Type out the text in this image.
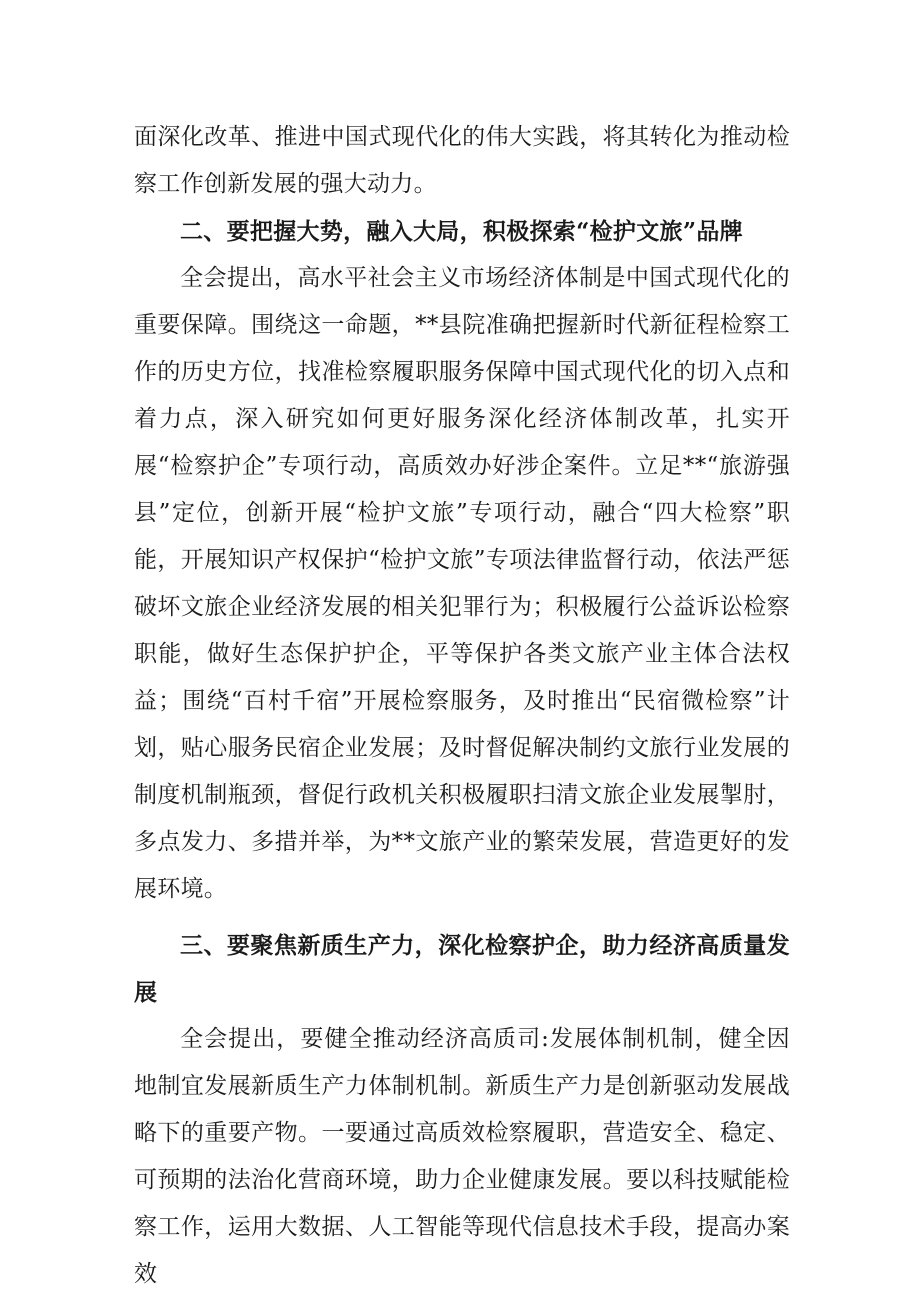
面深化改革、推进中国式现代化的伟大实践，将其转化为推动检察工作创新发展的强大动力。

二、要把握大势，融入大局，积极探索“检护文旅”品牌

全会提出，高水平社会主义市场经济体制是中国式现代化的重要保障。围绕这一命题，**县院准确把握新时代新征程检察工作的历史方位，找准检察履职服务保障中国式现代化的切入点和着力点，深入研究如何更好服务深化经济体制改革，扎实开展“检察护企”专项行动，高质效办好涉企案件。立足**“旅游强县”定位，创新开展“检护文旅”专项行动，融合“四大检察”职能，开展知识产权保护“检护文旅”专项法律监督行动，依法严惩破坏文旅企业经济发展的相关犯罪行为；积极履行公益诉讼检察职能，做好生态保护护企，平等保护各类文旅产业主体合法权益；围绕“百村千宿”开展检察服务，及时推出“民宿微检察”计划，贴心服务民宿企业发展；及时督促解决制约文旅行业发展的制度机制瓶颈，督促行政机关积极履职扫清文旅企业发展掣肘，多点发力、多措并举，为**文旅产业的繁荣发展，营造更好的发展环境。

三、要聚焦新质生产力，深化检察护企，助力经济高质量发展

全会提出，要健全推动经济高质司:发展体制机制，健全因地制宜发展新质生产力体制机制。新质生产力是创新驱动发展战略下的重要产物。一要通过高质效检察履职，营造安全、稳定、可预期的法治化营商环境，助力企业健康发展。要以科技赋能检察工作，运用大数据、人工智能等现代信息技术手段，提高办案效
